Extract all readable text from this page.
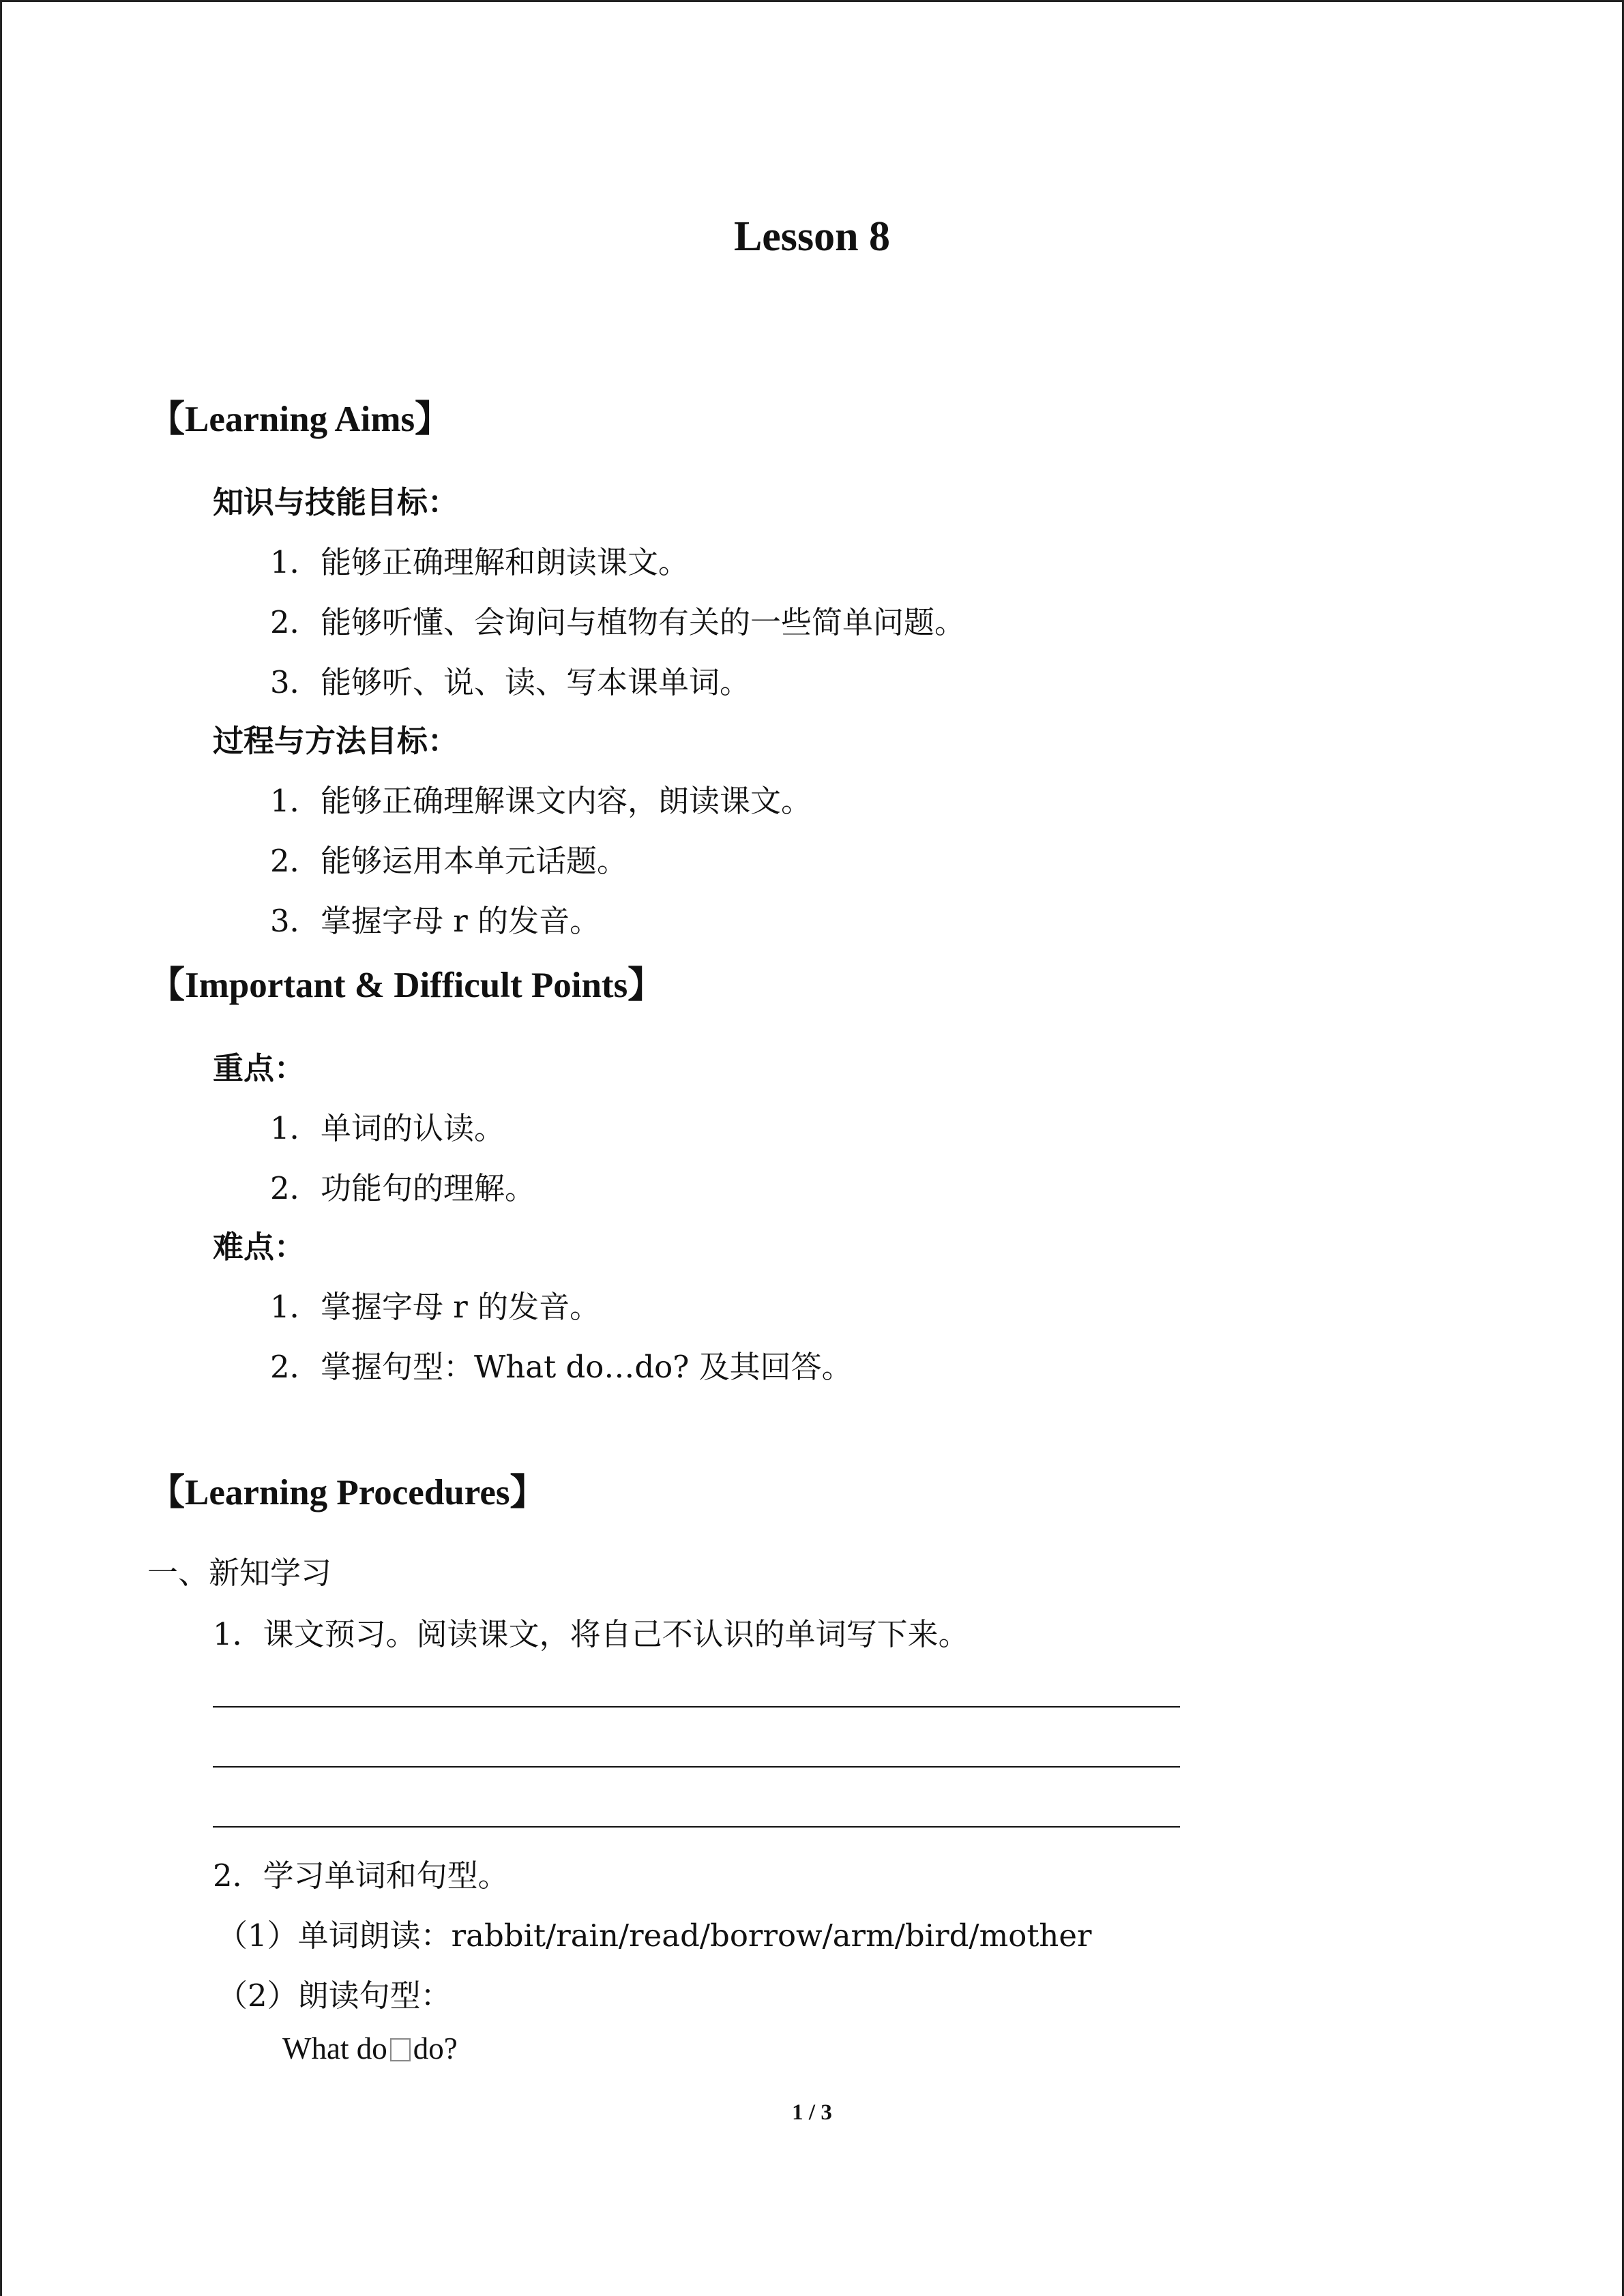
Lesson 8
【Learning Aims】
知识与技能目标：
1．能够正确理解和朗读课文。
2．能够听懂、会询问与植物有关的一些简单问题。
3．能够听、说、读、写本课单词。
过程与方法目标：
1．能够正确理解课文内容，朗读课文。
2．能够运用本单元话题。
3．掌握字母 r 的发音。
【Important & Difficult Points】
重点：
1．单词的认读。
2．功能句的理解。
难点：
1．掌握字母 r 的发音。
2．掌握句型：What do…do? 及其回答。
【Learning Procedures】
一、新知学习
1．课文预习。阅读课文，将自己不认识的单词写下来。
2．学习单词和句型。
（1）单词朗读：rabbit/rain/read/borrow/arm/bird/mother
（2）朗读句型：
What do do?
1 / 3
